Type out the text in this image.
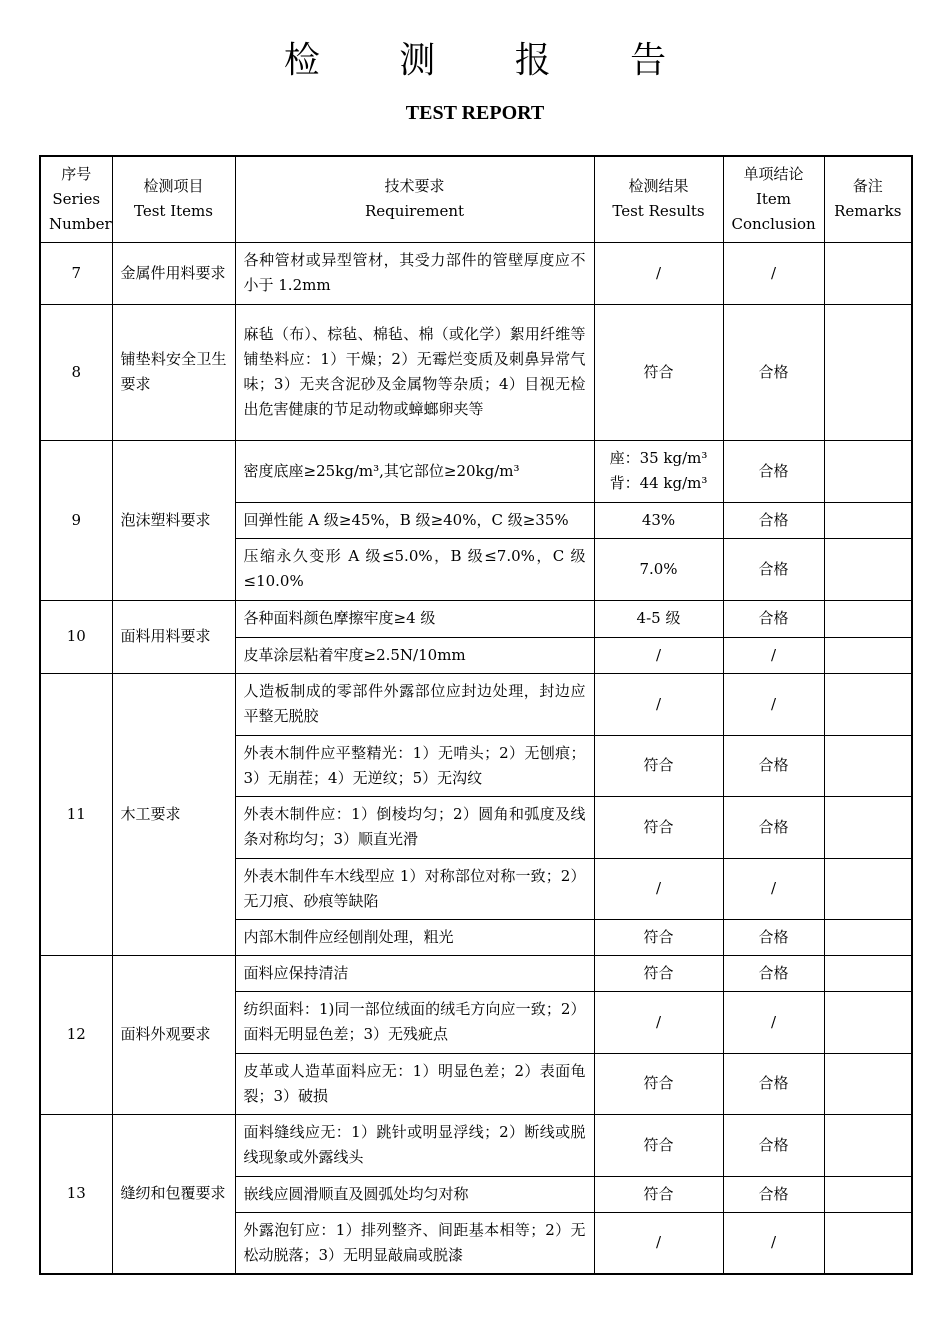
检 测 报 告
TEST REPORT
序号
Series
Number	检测项目
Test Items	技术要求
Requirement	检测结果
Test Results	单项结论
Item
Conclusion	备注
Remarks

7	金属件用料要求	各种管材或异型管材，其受力部件的管壁厚度应不小于 1.2mm	/	/	
8	铺垫料安全卫生要求	麻毡（布）、棕毡、棉毡、棉（或化学）絮用纤维等铺垫料应：1）干燥；2）无霉烂变质及刺鼻异常气味；3）无夹含泥砂及金属物等杂质；4）目视无检出危害健康的节足动物或蟑螂卵夹等	符合	合格	
9	泡沫塑料要求	密度底座≥25kg/m³,其它部位≥20kg/m³	座：35 kg/m³
背：44 kg/m³	合格	
		回弹性能 A 级≥45%，B 级≥40%，C 级≥35%	43%	合格	
		压缩永久变形 A 级≤5.0%，B 级≤7.0%，C 级≤10.0%	7.0%	合格	
10	面料用料要求	各种面料颜色摩擦牢度≥4 级	4-5 级	合格	
		皮革涂层粘着牢度≥2.5N/10mm	/	/	
11	木工要求	人造板制成的零部件外露部位应封边处理，封边应平整无脱胶	/	/	
		外表木制件应平整精光：1）无啃头；2）无刨痕；3）无崩茬；4）无逆纹；5）无沟纹	符合	合格	
		外表木制件应：1）倒棱均匀；2）圆角和弧度及线条对称均匀；3）顺直光滑	符合	合格	
		外表木制件车木线型应 1）对称部位对称一致；2）无刀痕、砂痕等缺陷	/	/	
		内部木制件应经刨削处理，粗光	符合	合格	
12	面料外观要求	面料应保持清洁	符合	合格	
		纺织面料：1)同一部位绒面的绒毛方向应一致；2）面料无明显色差；3）无残疵点	/	/	
		皮革或人造革面料应无：1）明显色差；2）表面龟裂；3）破损	符合	合格	
13	缝纫和包覆要求	面料缝线应无：1）跳针或明显浮线；2）断线或脱线现象或外露线头	符合	合格	
		嵌线应圆滑顺直及圆弧处均匀对称	符合	合格	
		外露泡钉应：1）排列整齐、间距基本相等；2）无松动脱落；3）无明显敲扁或脱漆	/	/	
